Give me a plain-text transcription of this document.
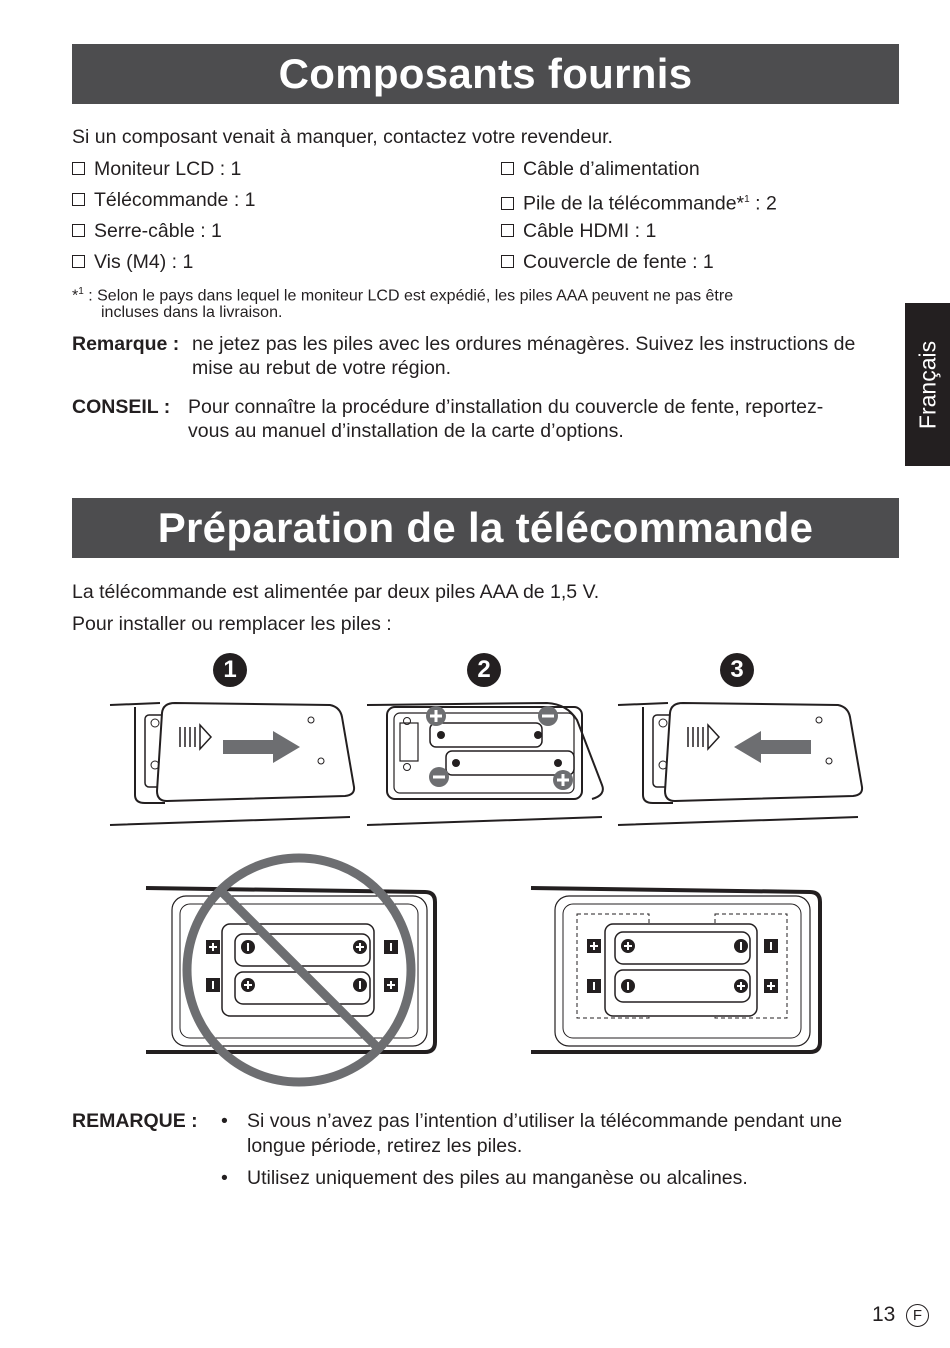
Composants fournis
Si un composant venait à manquer, contactez votre revendeur.
Moniteur LCD : 1
Télécommande : 1
Serre-câble : 1
Vis (M4) : 1
Câble d’alimentation
Pile de la télécommande*$^1$ : 2
Câble HDMI : 1
Couvercle de fente : 1
*$^1$ : Selon le pays dans lequel le moniteur LCD est expédié, les piles AAA peuvent ne pas être
incluses dans la livraison.
Remarque : ne jetez pas les piles avec les ordures ménagères. Suivez les instructions de
mise au rebut de votre région.
CONSEIL : Pour connaître la procédure d’installation du couvercle de fente, reportez-
vous au manuel d’installation de la carte d’options.
Français
Préparation de la télécommande
La télécommande est alimentée par deux piles AAA de 1,5 V.
Pour installer ou remplacer les piles :
1	2	3
REMARQUE : • Si vous n’avez pas l’intention d’utiliser la télécommande pendant une
longue période, retirez les piles.
• Utilisez uniquement des piles au manganèse ou alcalines.
13	F
